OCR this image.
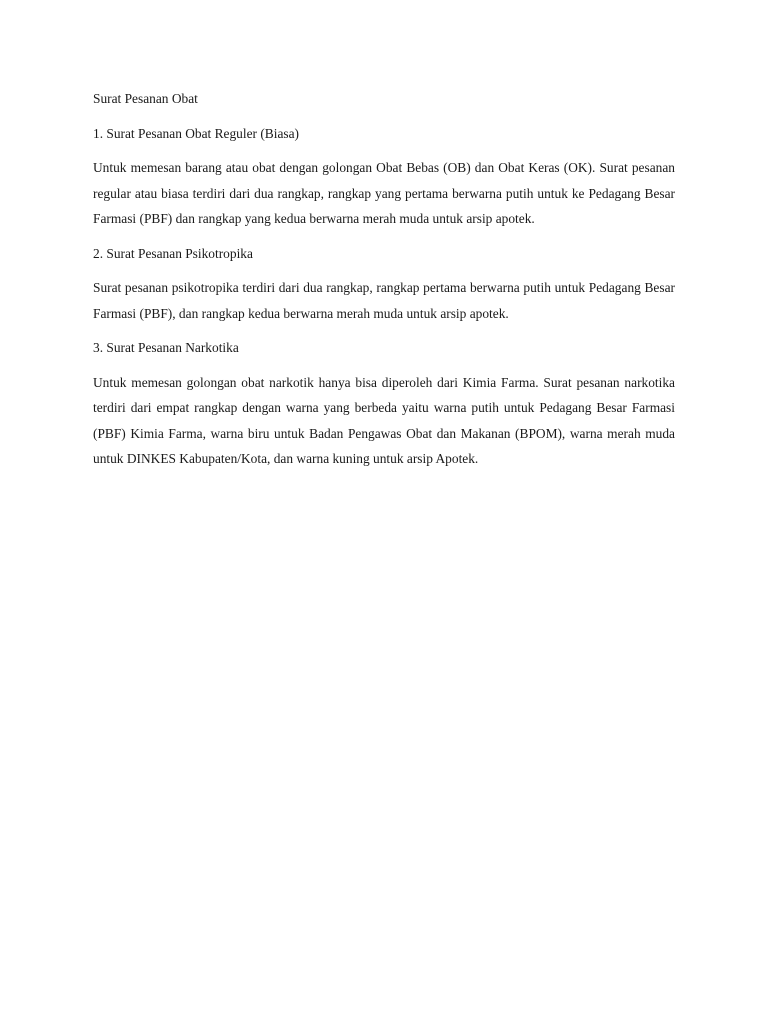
Surat Pesanan Obat

1. Surat Pesanan Obat Reguler (Biasa)

Untuk memesan barang atau obat dengan golongan Obat Bebas (OB) dan Obat Keras (OK). Surat pesanan regular atau biasa terdiri dari dua rangkap, rangkap yang pertama berwarna putih untuk ke Pedagang Besar Farmasi (PBF) dan rangkap yang kedua berwarna merah muda untuk arsip apotek.

2. Surat Pesanan Psikotropika

Surat pesanan psikotropika terdiri dari dua rangkap, rangkap pertama berwarna putih untuk Pedagang Besar Farmasi (PBF), dan rangkap kedua berwarna merah muda untuk arsip apotek.

3. Surat Pesanan Narkotika

Untuk memesan golongan obat narkotik hanya bisa diperoleh dari Kimia Farma. Surat pesanan narkotika terdiri dari empat rangkap dengan warna yang berbeda yaitu warna putih untuk Pedagang Besar Farmasi (PBF) Kimia Farma, warna biru untuk Badan Pengawas Obat dan Makanan (BPOM), warna merah muda untuk DINKES Kabupaten/Kota, dan warna kuning untuk arsip Apotek.
